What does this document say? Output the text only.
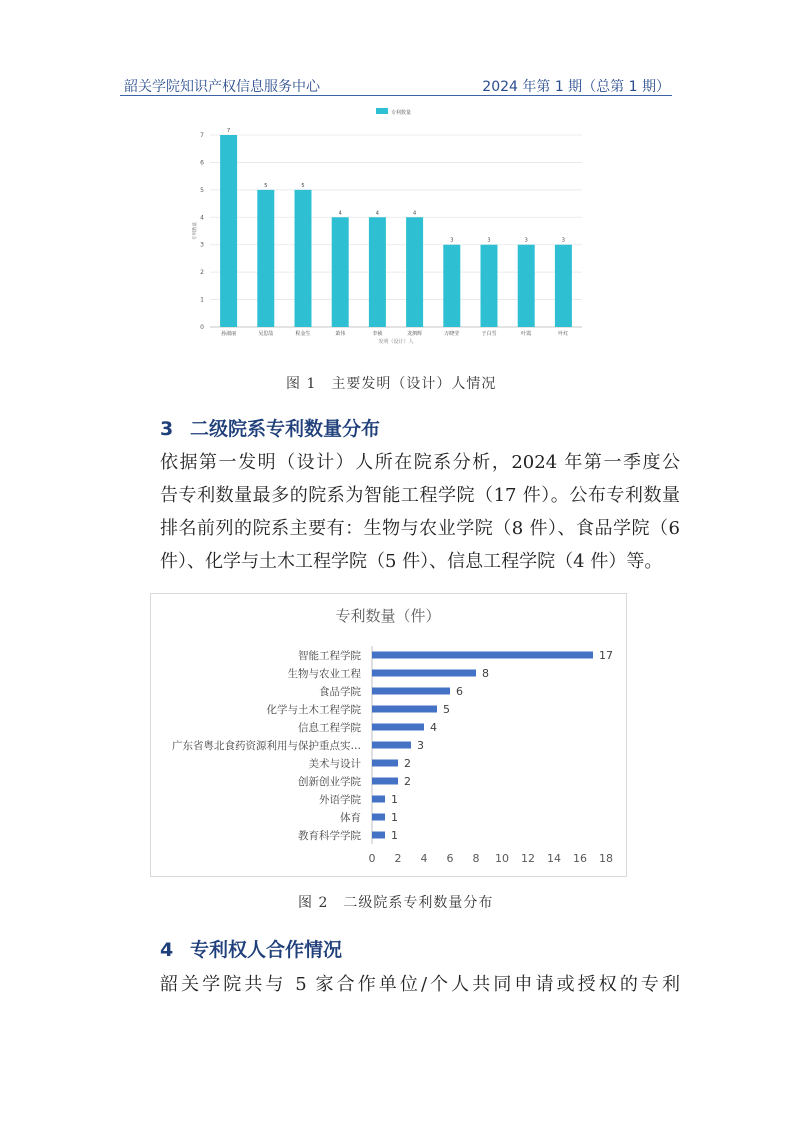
韶关学院知识产权信息服务中心	2024 年第 1 期（总第 1 期）
专利数量
0
1
2
3
4
5
6
7
专利数量
7
孙淑丽
5
吴思喆
5
程金生
4
萧伟
4
李祯
4
龙泗辉
3
万晓莹
3
于白雪
3
叶霞
3
叶红
发明（设计）人
图 1　主要发明（设计）人情况
3 二级院系专利数量分布
依据第一发明（设计）人所在院系分析，2024 年第一季度公
告专利数量最多的院系为智能工程学院（17 件）。公布专利数量
排名前列的院系主要有：生物与农业学院（8 件）、食品学院（6
件）、化学与土木工程学院（5 件）、信息工程学院（4 件）等。
专利数量（件）
17
智能工程学院
8
生物与农业工程
6
食品学院
5
化学与土木工程学院
4
信息工程学院
3
广东省粤北食药资源利用与保护重点实…
2
美术与设计
2
创新创业学院
1
外语学院
1
体育
1
教育科学学院
0 2 4 6 8 10 12 14 16 18
图 2　二级院系专利数量分布
4 专利权人合作情况
韶关学院共与 5 家合作单位/个人共同申请或授权的专利
